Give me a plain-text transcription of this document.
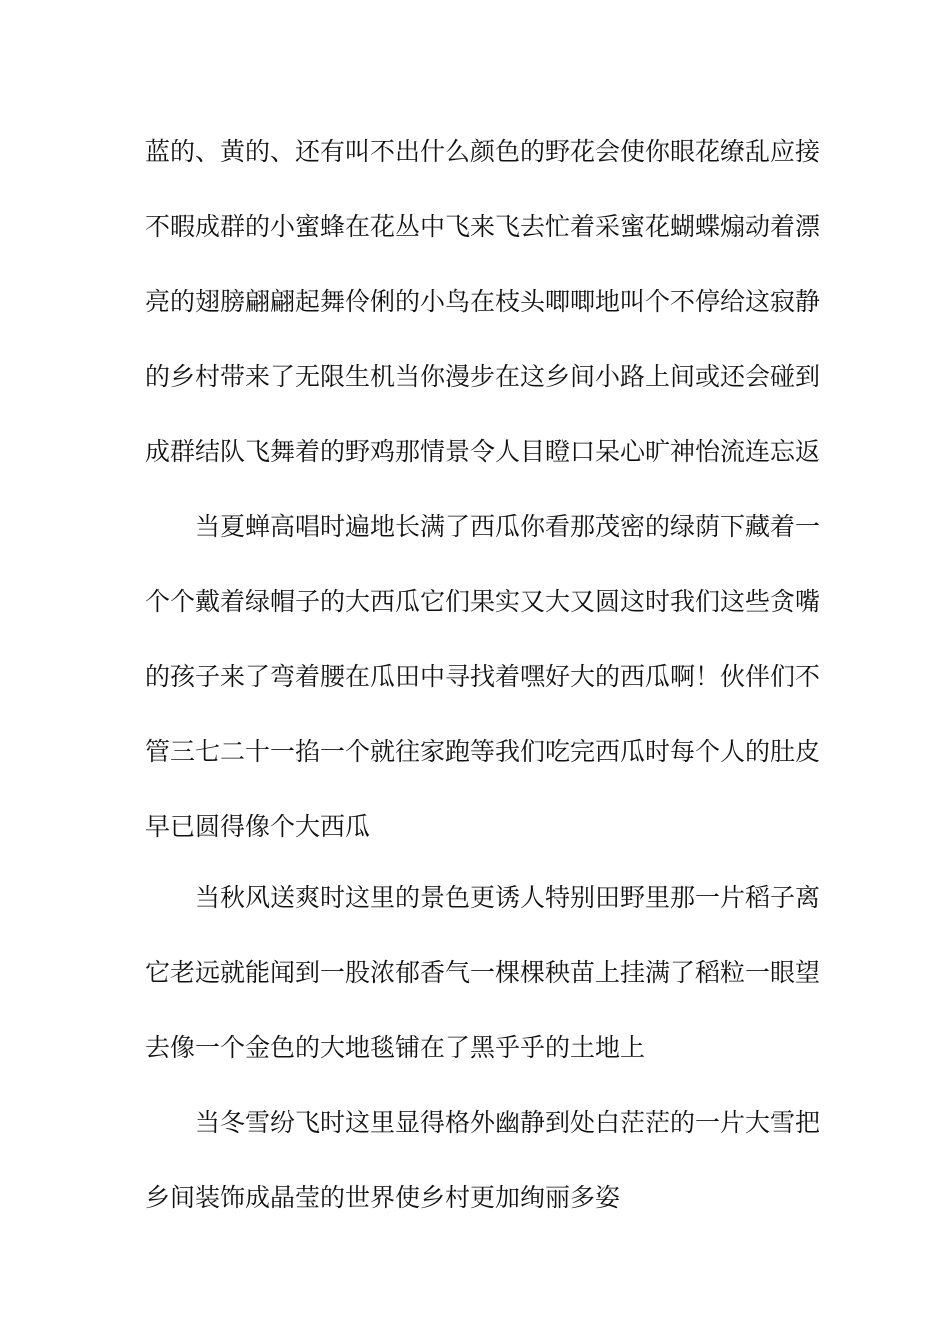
蓝的、黄的、还有叫不出什么颜色的野花会使你眼花缭乱应接
不暇成群的小蜜蜂在花丛中飞来飞去忙着采蜜花蝴蝶煽动着漂
亮的翅膀翩翩起舞伶俐的小鸟在枝头唧唧地叫个不停给这寂静
的乡村带来了无限生机当你漫步在这乡间小路上间或还会碰到
成群结队飞舞着的野鸡那情景令人目瞪口呆心旷神怡流连忘返
当夏蝉高唱时遍地长满了西瓜你看那茂密的绿荫下藏着一
个个戴着绿帽子的大西瓜它们果实又大又圆这时我们这些贪嘴
的孩子来了弯着腰在瓜田中寻找着嘿好大的西瓜啊！伙伴们不
管三七二十一掐一个就往家跑等我们吃完西瓜时每个人的肚皮
早已圆得像个大西瓜
当秋风送爽时这里的景色更诱人特别田野里那一片稻子离
它老远就能闻到一股浓郁香气一棵棵秧苗上挂满了稻粒一眼望
去像一个金色的大地毯铺在了黑乎乎的土地上
当冬雪纷飞时这里显得格外幽静到处白茫茫的一片大雪把
乡间装饰成晶莹的世界使乡村更加绚丽多姿
